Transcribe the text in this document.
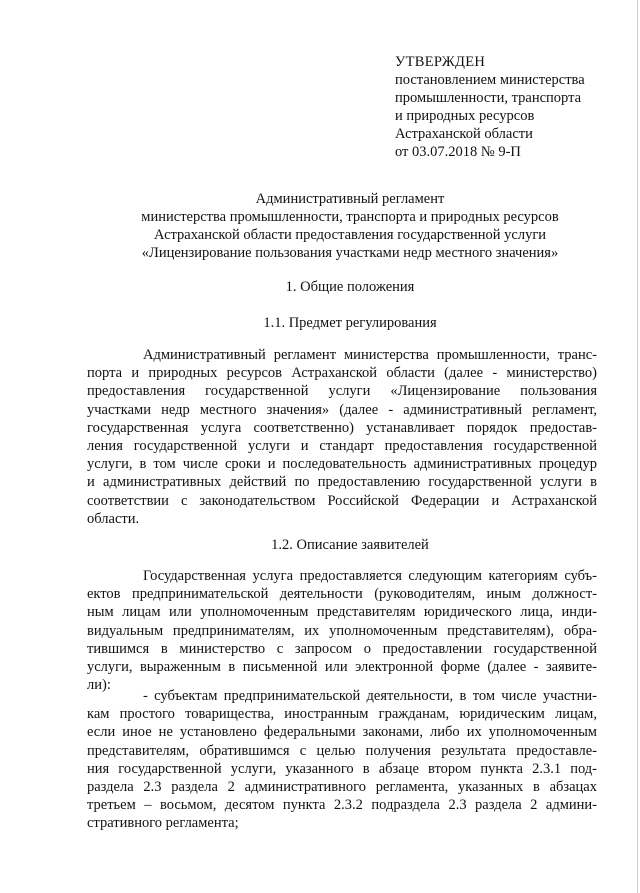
УТВЕРЖДЕН
постановлением министерства
промышленности, транспорта
и природных ресурсов
Астраханской области
от 03.07.2018 № 9-П
Административный регламент
министерства промышленности, транспорта и природных ресурсов
Астраханской области предоставления государственной услуги
«Лицензирование пользования участками недр местного значения»
1. Общие положения
1.1. Предмет регулирования
Административный регламент министерства промышленности, транс-
порта и природных ресурсов Астраханской области (далее - министерство)
предоставления государственной услуги «Лицензирование пользования
участками недр местного значения» (далее - административный регламент,
государственная услуга соответственно) устанавливает порядок предостав-
ления государственной услуги и стандарт предоставления государственной
услуги, в том числе сроки и последовательность административных процедур
и административных действий по предоставлению государственной услуги в
соответствии с законодательством Российской Федерации и Астраханской
области.
1.2. Описание заявителей
Государственная услуга предоставляется следующим категориям субъ-
ектов предпринимательской деятельности (руководителям, иным должност-
ным лицам или уполномоченным представителям юридического лица, инди-
видуальным предпринимателям, их уполномоченным представителям), обра-
тившимся в министерство с запросом о предоставлении государственной
услуги, выраженным в письменной или электронной форме (далее - заявите-
ли):
- субъектам предпринимательской деятельности, в том числе участни-
кам простого товарищества, иностранным гражданам, юридическим лицам,
если иное не установлено федеральными законами, либо их уполномоченным
представителям, обратившимся с целью получения результата предоставле-
ния государственной услуги, указанного в абзаце втором пункта 2.3.1 под-
раздела 2.3 раздела 2 административного регламента, указанных в абзацах
третьем – восьмом, десятом пункта 2.3.2 подраздела 2.3 раздела 2 админи-
стративного регламента;
